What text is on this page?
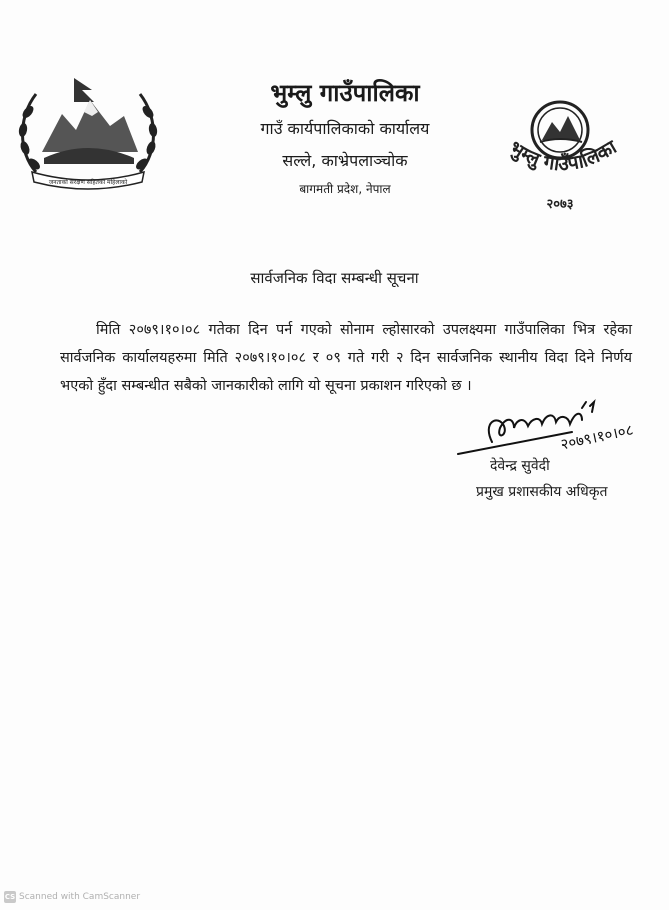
जनताको संरक्षण सहितको महिलाको
भुम्लु गाउँपालिका
गाउँ कार्यपालिकाको कार्यालय
सल्ले, काभ्रेपलाञ्चोक
बागमती प्रदेश, नेपाल
भुम्लु गाउँपालिका
२०७३
सार्वजनिक विदा सम्बन्धी सूचना
मिति २०७९।१०।०८ गतेका दिन पर्न गएको सोनाम ल्होसारको उपलक्ष्यमा गाउँपालिका भित्र रहेका सार्वजनिक कार्यालयहरुमा मिति २०७९।१०।०८ र ०९ गते गरी २ दिन सार्वजनिक स्थानीय विदा दिने निर्णय भएको हुँदा सम्बन्धीत सबैको जानकारीको लागि यो सूचना प्रकाशन गरिएको छ ।
२०७९।१०।०८
देवेन्द्र सुवेदी
प्रमुख प्रशासकीय अधिकृत
CS Scanned with CamScanner
